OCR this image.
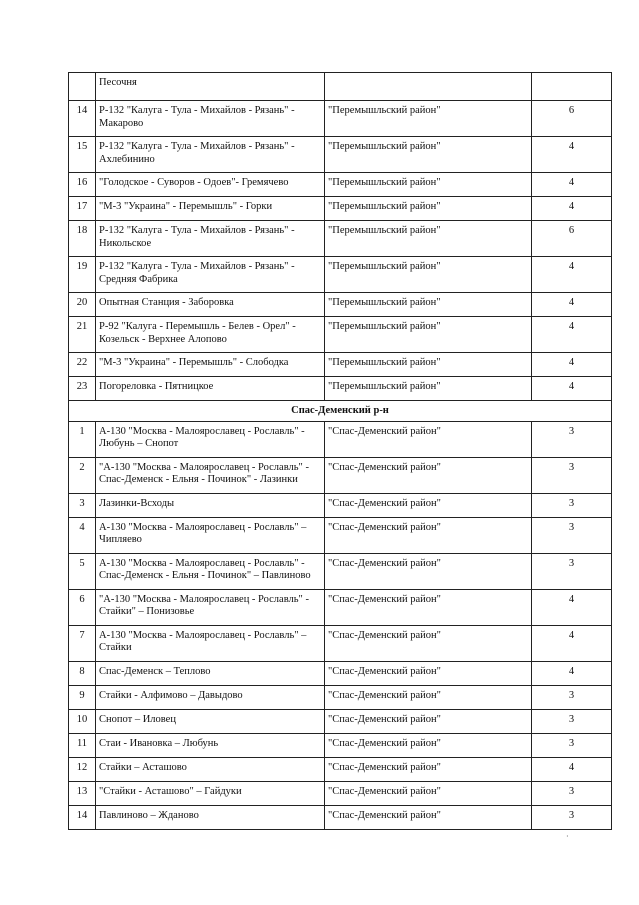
	Песочня		
14	Р-132 "Калуга - Тула - Михайлов - Рязань" - Макарово	"Перемышльский район"	6
15	Р-132 "Калуга - Тула - Михайлов - Рязань" - Ахлебинино	"Перемышльский район"	4
16	"Голодское - Суворов - Одоев"- Гремячево	"Перемышльский район"	4
17	"М-3 "Украина" - Перемышль" - Горки	"Перемышльский район"	4
18	Р-132 "Калуга - Тула - Михайлов - Рязань" - Никольское	"Перемышльский район"	6
19	Р-132 "Калуга - Тула - Михайлов - Рязань" - Средняя Фабрика	"Перемышльский район"	4
20	Опытная Станция - Заборовка	"Перемышльский район"	4
21	Р-92 "Калуга - Перемышль - Белев - Орел" - Козельск - Верхнее Алопово	"Перемышльский район"	4
22	"М-3 "Украина" - Перемышль" - Слободка	"Перемышльский район"	4
23	Погореловка - Пятницкое	"Перемышльский район"	4
Спас-Деменский р-н			
1	А-130 "Москва - Малоярославец - Рославль" - Любунь – Снопот	"Спас-Деменский район"	3
2	"А-130 "Москва - Малоярославец - Рославль" - Спас-Деменск - Ельня - Починок" - Лазинки	"Спас-Деменский район"	3
3	Лазинки-Всходы	"Спас-Деменский район"	3
4	А-130 "Москва - Малоярославец - Рославль" – Чипляево	"Спас-Деменский район"	3
5	А-130 "Москва - Малоярославец - Рославль" - Спас-Деменск - Ельня - Починок" – Павлиново	"Спас-Деменский район"	3
6	"А-130 "Москва - Малоярославец - Рославль" - Стайки" – Понизовье	"Спас-Деменский район"	4
7	А-130 "Москва - Малоярославец - Рославль" – Стайки	"Спас-Деменский район"	4
8	Спас-Деменск – Теплово	"Спас-Деменский район"	4
9	Стайки - Алфимово – Давыдово	"Спас-Деменский район"	3
10	Снопот – Иловец	"Спас-Деменский район"	3
11	Стаи - Ивановка – Любунь	"Спас-Деменский район"	3
12	Стайки – Асташово	"Спас-Деменский район"	4
13	"Стайки - Асташово" – Гайдуки	"Спас-Деменский район"	3
14	Павлиново – Жданово	"Спас-Деменский район"	3
·
